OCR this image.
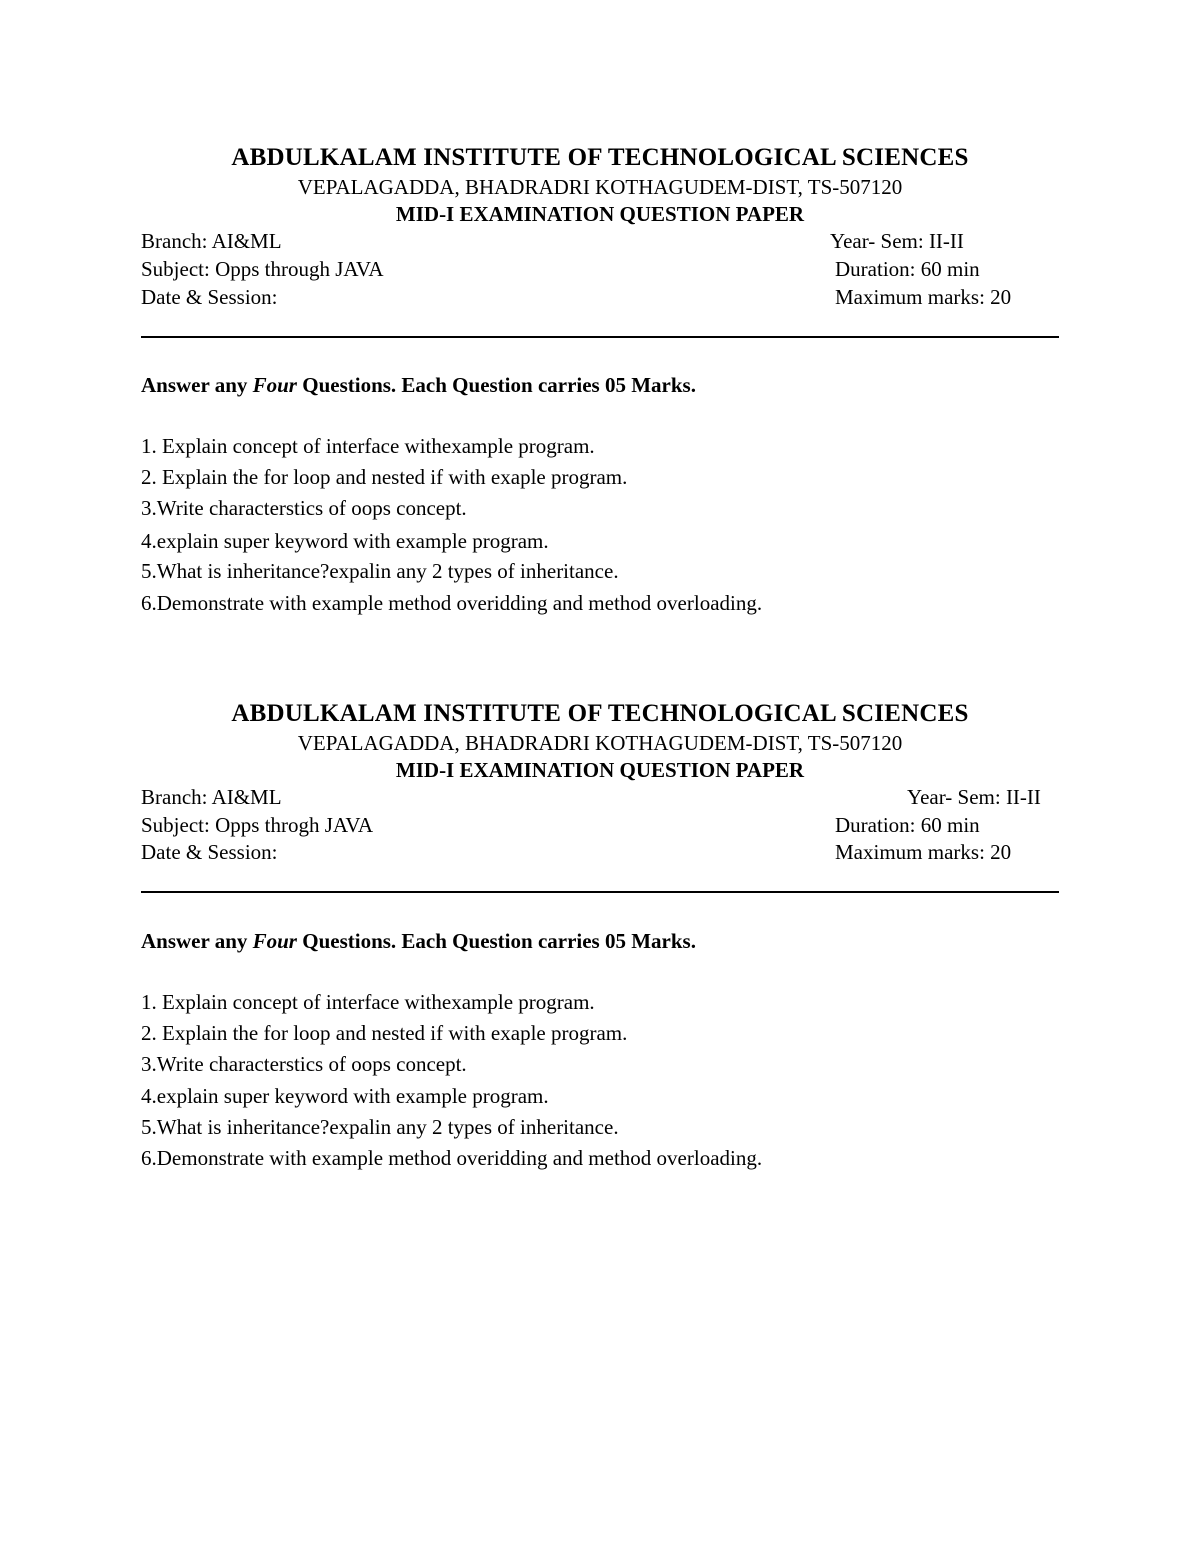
ABDULKALAM INSTITUTE OF TECHNOLOGICAL SCIENCES

VEPALAGADDA, BHADRADRI KOTHAGUDEM-DIST, TS-507120

MID-I EXAMINATION QUESTION PAPER

Branch: AI&ML	Year- Sem: II-II

Subject: Opps through JAVA	Duration: 60 min

Date & Session:	Maximum marks: 20

Answer any Four Questions. Each Question carries 05 Marks.

1. Explain concept of interface withexample program.

2. Explain the for loop and nested if with exaple program.

3.Write characterstics of oops concept.

4.explain super keyword with example program.

5.What is inheritance?expalin any 2 types of inheritance.

6.Demonstrate with example method overidding and method overloading.

ABDULKALAM INSTITUTE OF TECHNOLOGICAL SCIENCES

VEPALAGADDA, BHADRADRI KOTHAGUDEM-DIST, TS-507120

MID-I EXAMINATION QUESTION PAPER

Branch: AI&ML	Year- Sem: II-II

Subject: Opps throgh JAVA	Duration: 60 min

Date & Session:	Maximum marks: 20

Answer any Four Questions. Each Question carries 05 Marks.

1. Explain concept of interface withexample program.

2. Explain the for loop and nested if with exaple program.

3.Write characterstics of oops concept.

4.explain super keyword with example program.

5.What is inheritance?expalin any 2 types of inheritance.

6.Demonstrate with example method overidding and method overloading.
